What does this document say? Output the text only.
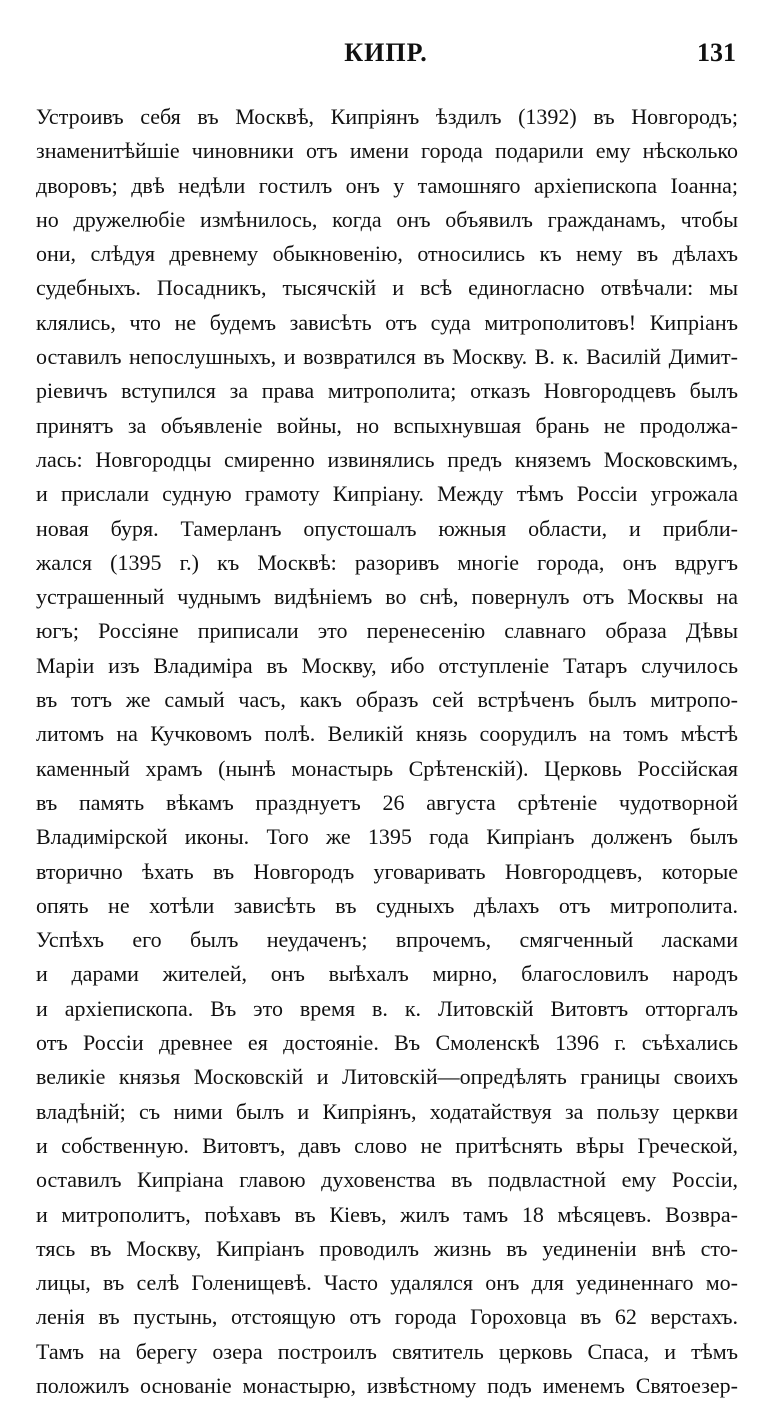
КИПР.	131
Устроивъ себя въ Москвѣ, Кипріянъ ѣздилъ (1392) въ Новгородъ;
знаменитѣйшіе чиновники отъ имени города подарили ему нѣсколько
дворовъ; двѣ недѣли гостилъ онъ у тамошняго архіепископа Іоанна;
но дружелюбіе измѣнилось, когда онъ объявилъ гражданамъ, чтобы
они, слѣдуя древнему обыкновенію, относились къ нему въ дѣлахъ
судебныхъ. Посадникъ, тысячскій и всѣ единогласно отвѣчали: мы
клялись, что не будемъ зависѣть отъ суда митрополитовъ! Кипріанъ
оставилъ непослушныхъ, и возвратился въ Москву. В. к. Василій Димит-
ріевичъ вступился за права митрополита; отказъ Новгородцевъ былъ
принятъ за объявленіе войны, но вспыхнувшая брань не продолжа-
лась: Новгородцы смиренно извинялись предъ княземъ Московскимъ,
и прислали судную грамоту Кипріану. Между тѣмъ Россіи угрожала
новая буря. Тамерланъ опустошалъ южныя области, и прибли-
жался (1395 г.) къ Москвѣ: разоривъ многіе города, онъ вдругъ
устрашенный чуднымъ видѣніемъ во снѣ, повернулъ отъ Москвы на
югъ; Россіяне приписали это перенесенію славнаго образа Дѣвы
Маріи изъ Владиміра въ Москву, ибо отступленіе Татаръ случилось
въ тотъ же самый часъ, какъ образъ сей встрѣченъ былъ митропо-
литомъ на Кучковомъ полѣ. Великій князь соорудилъ на томъ мѣстѣ
каменный храмъ (нынѣ монастырь Срѣтенскій). Церковь Россійская
въ память вѣкамъ празднуетъ 26 августа срѣтеніе чудотворной
Владимірской иконы. Того же 1395 года Кипріанъ долженъ былъ
вторично ѣхать въ Новгородъ уговаривать Новгородцевъ, которые
опять не хотѣли зависѣть въ судныхъ дѣлахъ отъ митрополита.
Успѣхъ его былъ неудаченъ; впрочемъ, смягченный ласками
и дарами жителей, онъ выѣхалъ мирно, благословилъ народъ
и архіепископа. Въ это время в. к. Литовскій Витовтъ отторгалъ
отъ Россіи древнее ея достояніе. Въ Смоленскѣ 1396 г. съѣхались
великіе князья Московскій и Литовскій—опредѣлять границы своихъ
владѣній; съ ними былъ и Кипріянъ, ходатайствуя за пользу церкви
и собственную. Витовтъ, давъ слово не притѣснять вѣры Греческой,
оставилъ Кипріана главою духовенства въ подвластной ему Россіи,
и митрополитъ, поѣхавъ въ Кіевъ, жилъ тамъ 18 мѣсяцевъ. Возвра-
тясь въ Москву, Кипріанъ проводилъ жизнь въ уединеніи внѣ сто-
лицы, въ селѣ Голенищевѣ. Часто удалялся онъ для уединеннаго мо-
ленія въ пустынь, отстоящую отъ города Гороховца въ 62 верстахъ.
Тамъ на берегу озера построилъ святитель церковь Спаса, и тѣмъ
положилъ основаніе монастырю, извѣстному подъ именемъ Святоезер-
